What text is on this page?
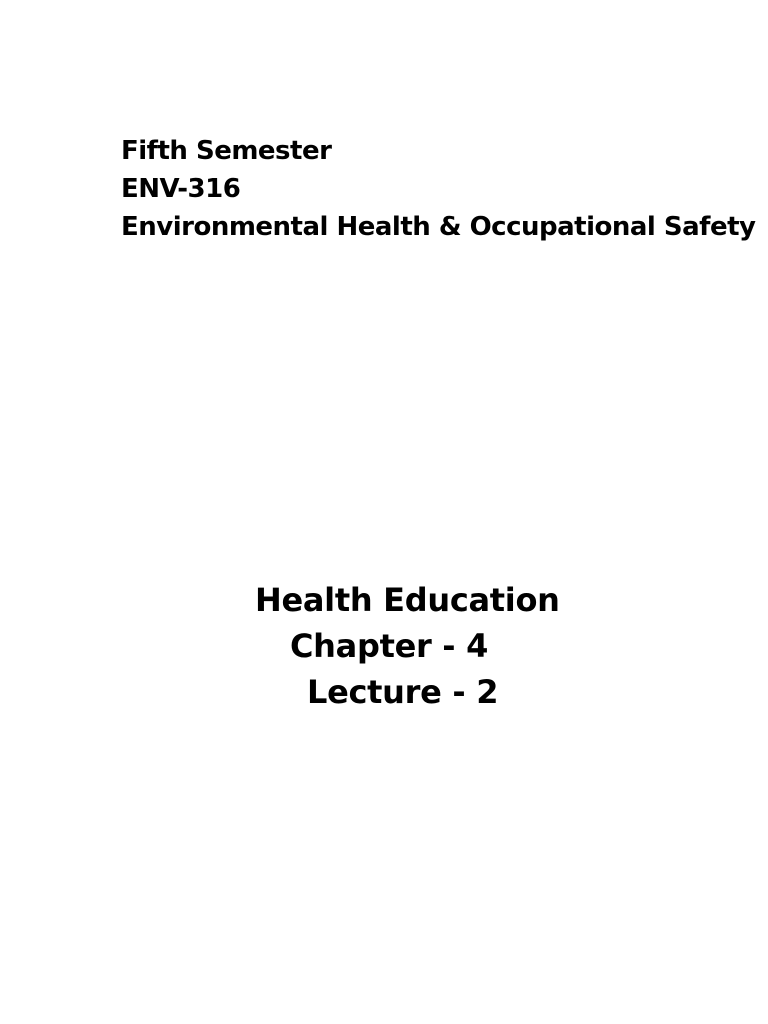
Fifth Semester
ENV-316
Environmental Health & Occupational Safety
Health Education
Chapter - 4
Lecture - 2
